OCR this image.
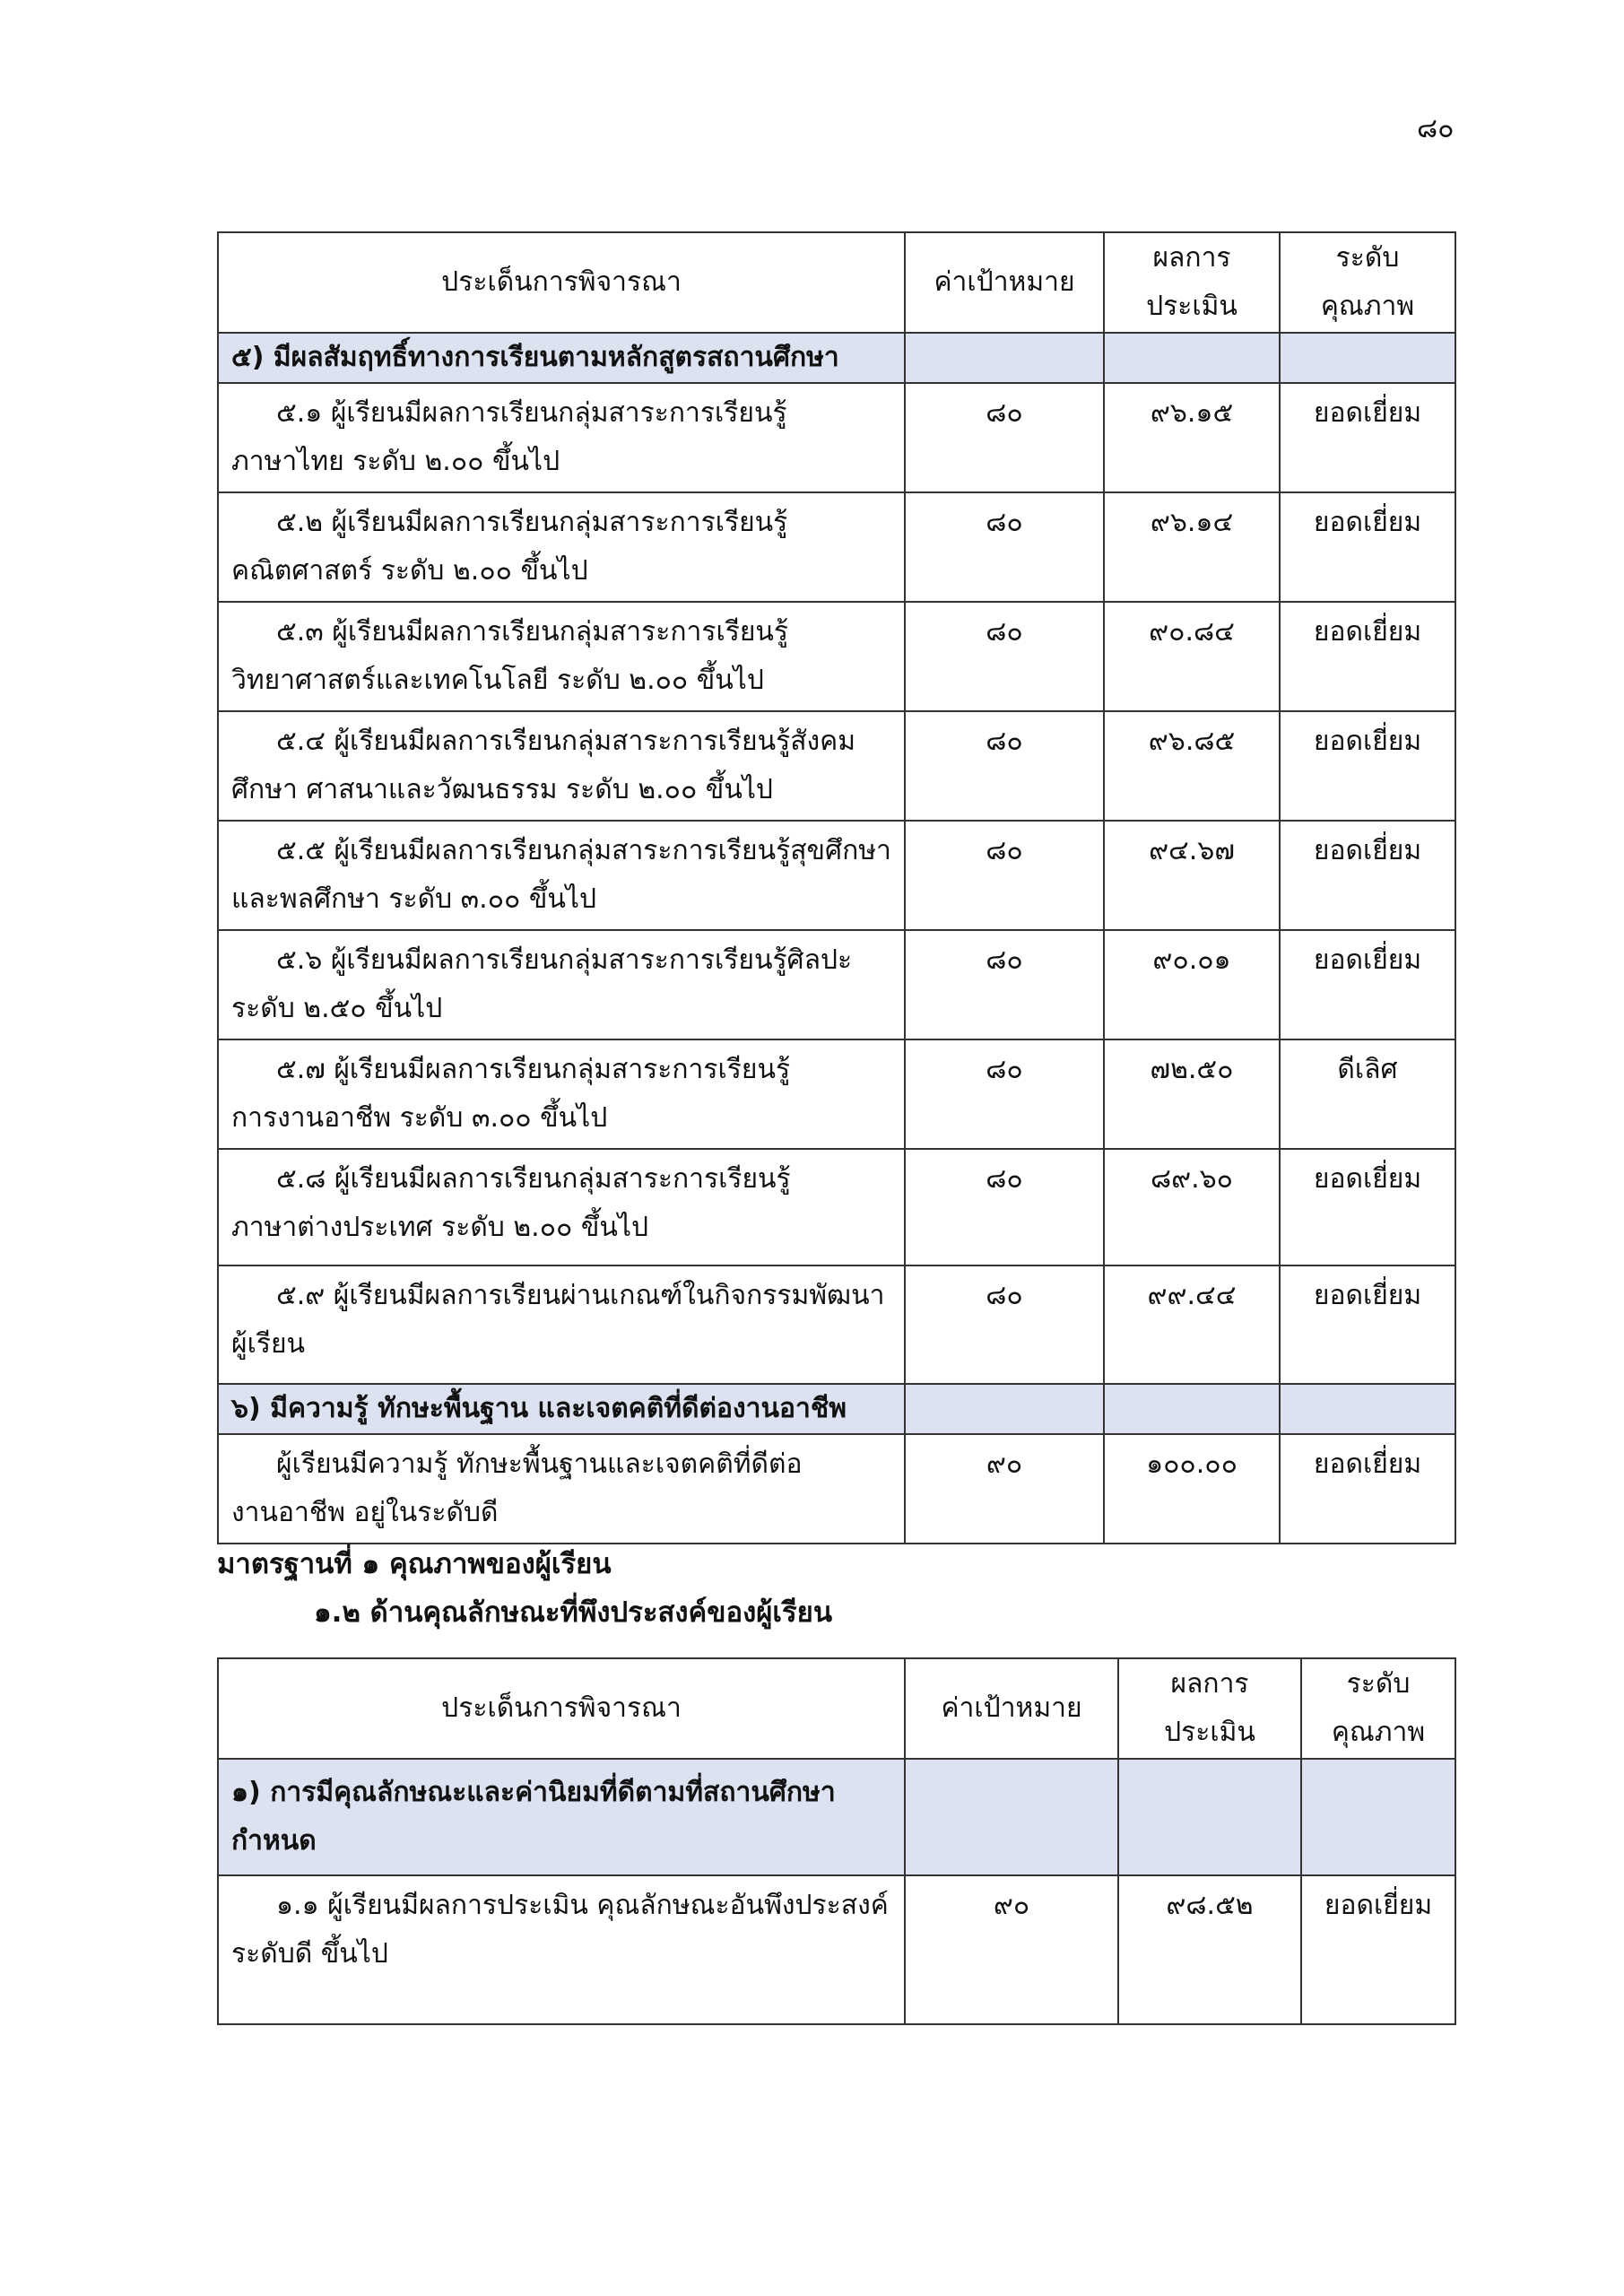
๘๐
ประเด็นการพิจารณา	ค่าเป้าหมาย	ผลการ
ประเมิน	ระดับ
คุณภาพ
๕) มีผลสัมฤทธิ์ทางการเรียนตามหลักสูตรสถานศึกษา			

๕.๑ ผู้เรียนมีผลการเรียนกลุ่มสาระการเรียนรู้
ภาษาไทย ระดับ ๒.๐๐ ขึ้นไป	๘๐	๙๖.๑๕	ยอดเยี่ยม

๕.๒ ผู้เรียนมีผลการเรียนกลุ่มสาระการเรียนรู้
คณิตศาสตร์ ระดับ ๒.๐๐ ขึ้นไป	๘๐	๙๖.๑๔	ยอดเยี่ยม

๕.๓ ผู้เรียนมีผลการเรียนกลุ่มสาระการเรียนรู้
วิทยาศาสตร์และเทคโนโลยี ระดับ ๒.๐๐ ขึ้นไป	๘๐	๙๐.๘๔	ยอดเยี่ยม

๕.๔ ผู้เรียนมีผลการเรียนกลุ่มสาระการเรียนรู้สังคม
ศึกษา ศาสนาและวัฒนธรรม ระดับ ๒.๐๐ ขึ้นไป	๘๐	๙๖.๘๕	ยอดเยี่ยม

๕.๕ ผู้เรียนมีผลการเรียนกลุ่มสาระการเรียนรู้สุขศึกษา
และพลศึกษา ระดับ ๓.๐๐ ขึ้นไป	๘๐	๙๔.๖๗	ยอดเยี่ยม

๕.๖ ผู้เรียนมีผลการเรียนกลุ่มสาระการเรียนรู้ศิลปะ
ระดับ ๒.๕๐ ขึ้นไป	๘๐	๙๐.๐๑	ยอดเยี่ยม

๕.๗ ผู้เรียนมีผลการเรียนกลุ่มสาระการเรียนรู้
การงานอาชีพ ระดับ ๓.๐๐ ขึ้นไป	๘๐	๗๒.๕๐	ดีเลิศ

๕.๘ ผู้เรียนมีผลการเรียนกลุ่มสาระการเรียนรู้
ภาษาต่างประเทศ ระดับ ๒.๐๐ ขึ้นไป	๘๐	๘๙.๖๐	ยอดเยี่ยม

๕.๙ ผู้เรียนมีผลการเรียนผ่านเกณฑ์ในกิจกรรมพัฒนา
ผู้เรียน	๘๐	๙๙.๔๔	ยอดเยี่ยม
๖) มีความรู้ ทักษะพื้นฐาน และเจตคติที่ดีต่องานอาชีพ			

ผู้เรียนมีความรู้ ทักษะพื้นฐานและเจตคติที่ดีต่อ
งานอาชีพ อยู่ในระดับดี	๙๐	๑๐๐.๐๐	ยอดเยี่ยม
มาตรฐานที่ ๑ คุณภาพของผู้เรียน
๑.๒ ด้านคุณลักษณะที่พึงประสงค์ของผู้เรียน
ประเด็นการพิจารณา	ค่าเป้าหมาย	ผลการ
ประเมิน	ระดับ
คุณภาพ
๑) การมีคุณลักษณะและค่านิยมที่ดีตามที่สถานศึกษา
กำหนด			

๑.๑ ผู้เรียนมีผลการประเมิน คุณลักษณะอันพึงประสงค์
ระดับดี ขึ้นไป	๙๐	๙๘.๕๒	ยอดเยี่ยม
